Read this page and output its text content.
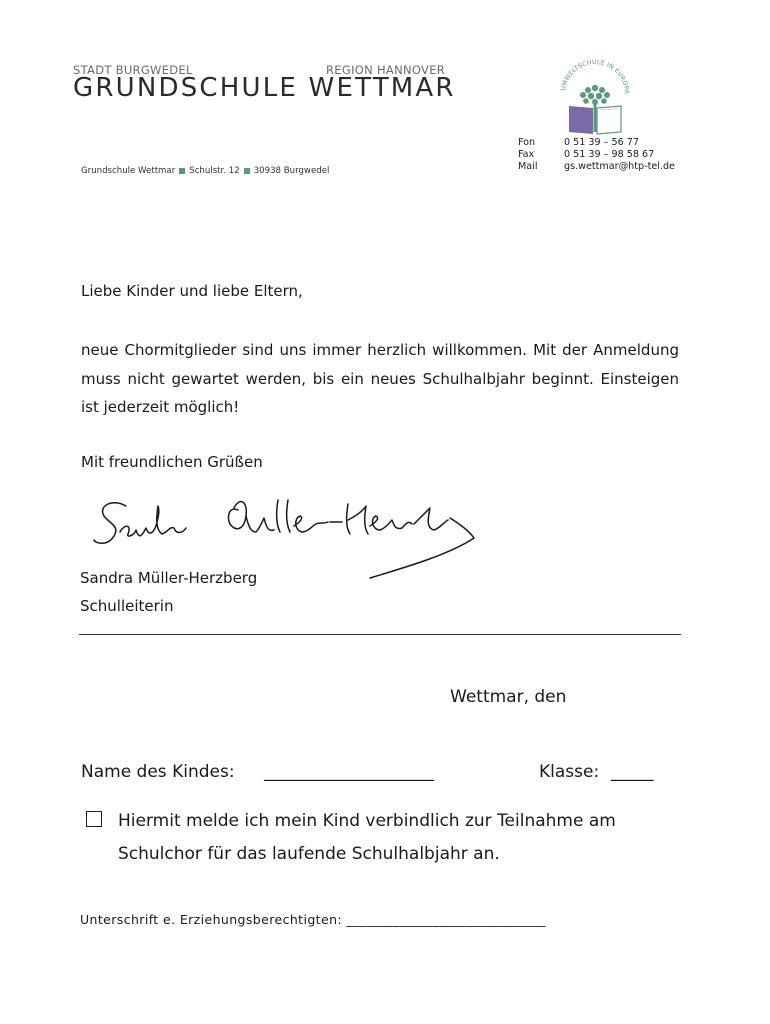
STADT BURGWEDEL	REGION HANNOVER
GRUNDSCHULE WETTMAR
Grundschule Wettmar Schulstr. 12 30938 Burgwedel
Fon
Fax
Mail
0 51 39 – 56 77
0 51 39 – 98 58 67
gs.wettmar@htp-tel.de
UMWELTSCHULE IN EUROPA
Liebe Kinder und liebe Eltern,
neue Chormitglieder sind uns immer herzlich willkommen. Mit der Anmeldung muss nicht gewartet werden, bis ein neues Schulhalbjahr beginnt. Einsteigen ist jederzeit möglich!
Mit freundlichen Grüßen
Sandra Müller-Herzberg
Schulleiterin
Wettmar, den
Name des Kindes: ____________________	Klasse: _____
Hiermit melde ich mein Kind verbindlich zur Teilnahme am
Schulchor für das laufende Schulhalbjahr an.
Unterschrift e. Erziehungsberechtigten: ______________________________
